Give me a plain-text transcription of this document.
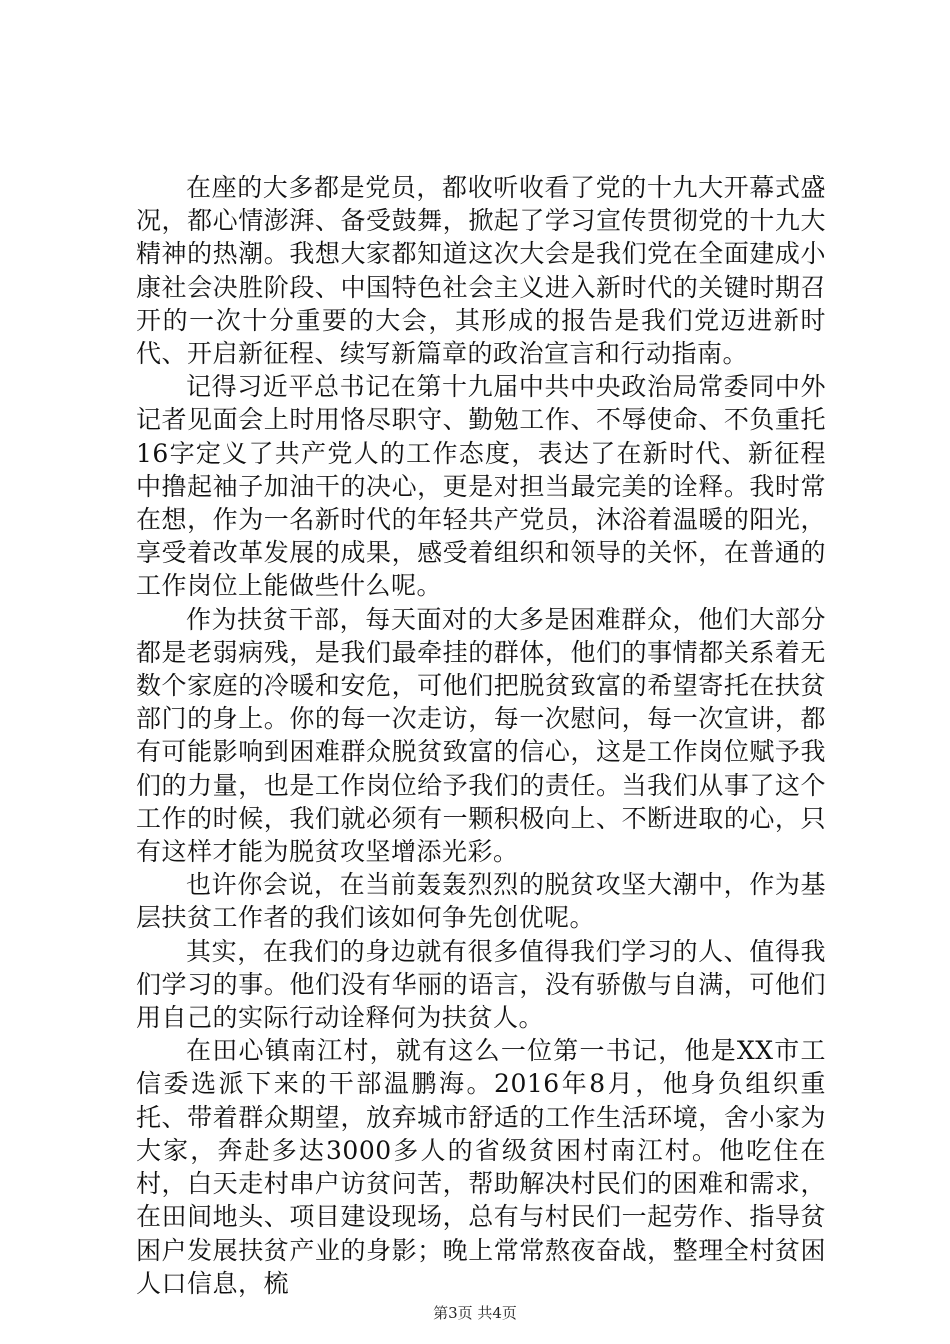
在座的大多都是党员，都收听收看了党的十九大开幕式盛况，都心情澎湃、备受鼓舞，掀起了学习宣传贯彻党的十九大精神的热潮。我想大家都知道这次大会是我们党在全面建成小康社会决胜阶段、中国特色社会主义进入新时代的关键时期召开的一次十分重要的大会，其形成的报告是我们党迈进新时代、开启新征程、续写新篇章的政治宣言和行动指南。

记得习近平总书记在第十九届中共中央政治局常委同中外记者见面会上时用恪尽职守、勤勉工作、不辱使命、不负重托16字定义了共产党人的工作态度，表达了在新时代、新征程中撸起袖子加油干的决心，更是对担当最完美的诠释。我时常在想，作为一名新时代的年轻共产党员，沐浴着温暖的阳光，享受着改革发展的成果，感受着组织和领导的关怀，在普通的工作岗位上能做些什么呢。

作为扶贫干部，每天面对的大多是困难群众，他们大部分都是老弱病残，是我们最牵挂的群体，他们的事情都关系着无数个家庭的冷暖和安危，可他们把脱贫致富的希望寄托在扶贫部门的身上。你的每一次走访，每一次慰问，每一次宣讲，都有可能影响到困难群众脱贫致富的信心，这是工作岗位赋予我们的力量，也是工作岗位给予我们的责任。当我们从事了这个工作的时候，我们就必须有一颗积极向上、不断进取的心，只有这样才能为脱贫攻坚增添光彩。

也许你会说，在当前轰轰烈烈的脱贫攻坚大潮中，作为基层扶贫工作者的我们该如何争先创优呢。

其实，在我们的身边就有很多值得我们学习的人、值得我们学习的事。他们没有华丽的语言，没有骄傲与自满，可他们用自己的实际行动诠释何为扶贫人。

在田心镇南江村，就有这么一位第一书记，他是XX市工信委选派下来的干部温鹏海。2016年8月，他身负组织重托、带着群众期望，放弃城市舒适的工作生活环境，舍小家为大家，奔赴多达3000多人的省级贫困村南江村。他吃住在村，白天走村串户访贫问苦，帮助解决村民们的困难和需求，在田间地头、项目建设现场，总有与村民们一起劳作、指导贫困户发展扶贫产业的身影；晚上常常熬夜奋战，整理全村贫困人口信息，梳

第3页 共4页
